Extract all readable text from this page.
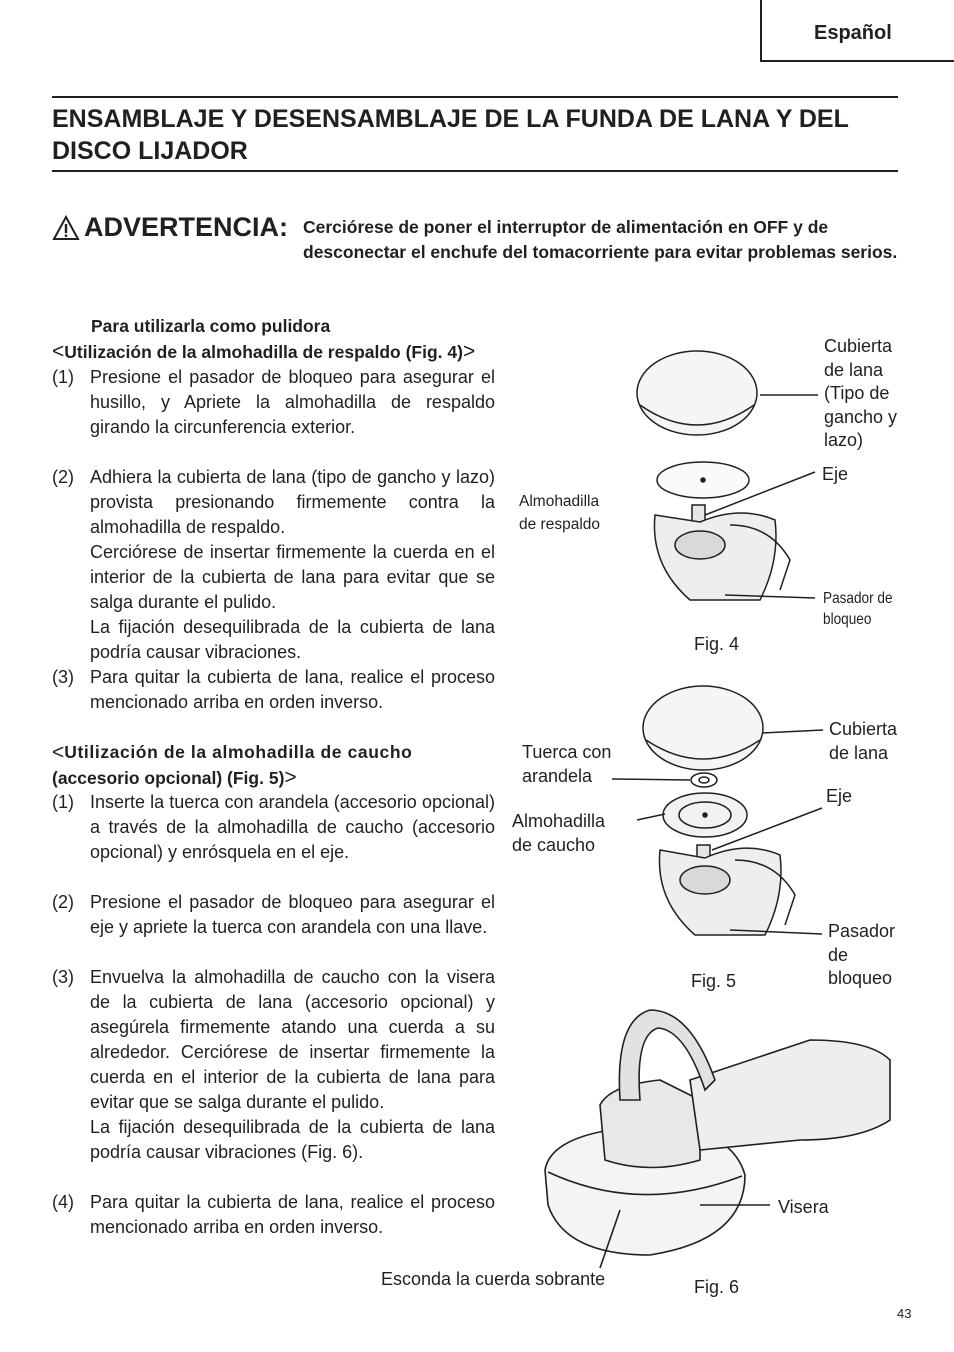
Español
ENSAMBLAJE Y DESENSAMBLAJE DE LA FUNDA DE LANA Y DEL DISCO LIJADOR
ADVERTENCIA: Cerciórese de poner el interruptor de alimentación en OFF y de desconectar el enchufe del tomacorriente para evitar problemas serios.
Para utilizarla como pulidora
<Utilización de la almohadilla de respaldo (Fig. 4)>
(1) Presione el pasador de bloqueo para asegurar el husillo, y Apriete la almohadilla de respaldo girando la circunferencia exterior.

(2) Adhiera la cubierta de lana (tipo de gancho y lazo) provista presionando firmemente contra la almohadilla de respaldo.

Cerciórese de insertar firmemente la cuerda en el interior de la cubierta de lana para evitar que se salga durante el pulido.

La fijación desequilibrada de la cubierta de lana podría causar vibraciones.

(3) Para quitar la cubierta de lana, realice el proceso mencionado arriba en orden inverso.

< Utilización de la almohadilla de caucho
(accesorio opcional) (Fig. 5)>
(1) Inserte la tuerca con arandela (accesorio opcional) a través de la almohadilla de caucho (accesorio opcional) y enrósquela en el eje.

(2) Presione el pasador de bloqueo para asegurar el eje y apriete la tuerca con arandela con una llave.

(3) Envuelva la almohadilla de caucho con la visera de la cubierta de lana (accesorio opcional) y asegúrela firmemente atando una cuerda a su alrededor. Cerciórese de insertar firmemente la cuerda en el interior de la cubierta de lana para evitar que se salga durante el pulido.

La fijación desequilibrada de la cubierta de lana podría causar vibraciones (Fig. 6).

(4) Para quitar la cubierta de lana, realice el proceso mencionado arriba en orden inverso.

Cubierta
de lana
(Tipo de
gancho y
lazo)
Eje
Almohadilla
de respaldo
Pasador de
bloqueo
Fig. 4
Cubierta
de lana
Tuerca con
arandela
Eje
Almohadilla
de caucho
Pasador
de
bloqueo
Fig. 5
Visera
Esconda la cuerda sobrante	Fig. 6
43
